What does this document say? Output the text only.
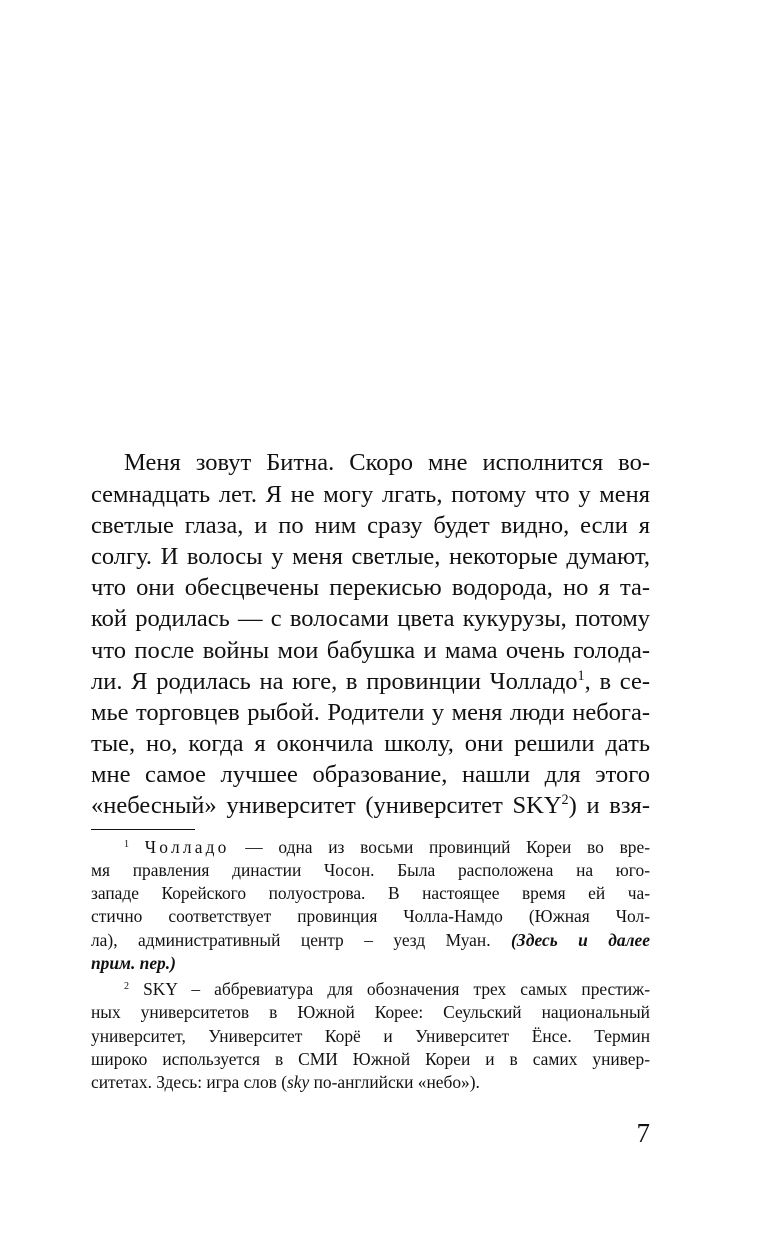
Меня зовут Битна. Скоро мне исполнится во-

семнадцать лет. Я не могу лгать, потому что у меня

светлые глаза, и по ним сразу будет видно, если я

солгу. И волосы у меня светлые, некоторые думают,

что они обесцвечены перекисью водорода, но я та-

кой родилась — с волосами цвета кукурузы, потому

что после войны мои бабушка и мама очень голода-

ли. Я родилась на юге, в провинции Чолладо$^1$, в се-

мье торговцев рыбой. Родители у меня люди небога-

тые, но, когда я окончила школу, они решили дать

мне самое лучшее образование, нашли для этого

«небесный» университет (университет SKY$^2$) и взя-

$^1$ Чолладо — одна из восьми провинций Кореи во вре-

мя правления династии Чосон. Была расположена на юго-

западе Корейского полуострова. В настоящее время ей ча-

стично соответствует провинция Чолла-Намдо (Южная Чол-

ла), административный центр – уезд Муан. (Здесь и далее

прим. пер.)

$^2$ SKY – аббревиатура для обозначения трех самых престиж-

ных университетов в Южной Корее: Сеульский национальный

университет, Университет Корё и Университет Ёнсе. Термин

широко используется в СМИ Южной Кореи и в самих универ-

ситетах. Здесь: игра слов (sky по-английски «небо»).

7
